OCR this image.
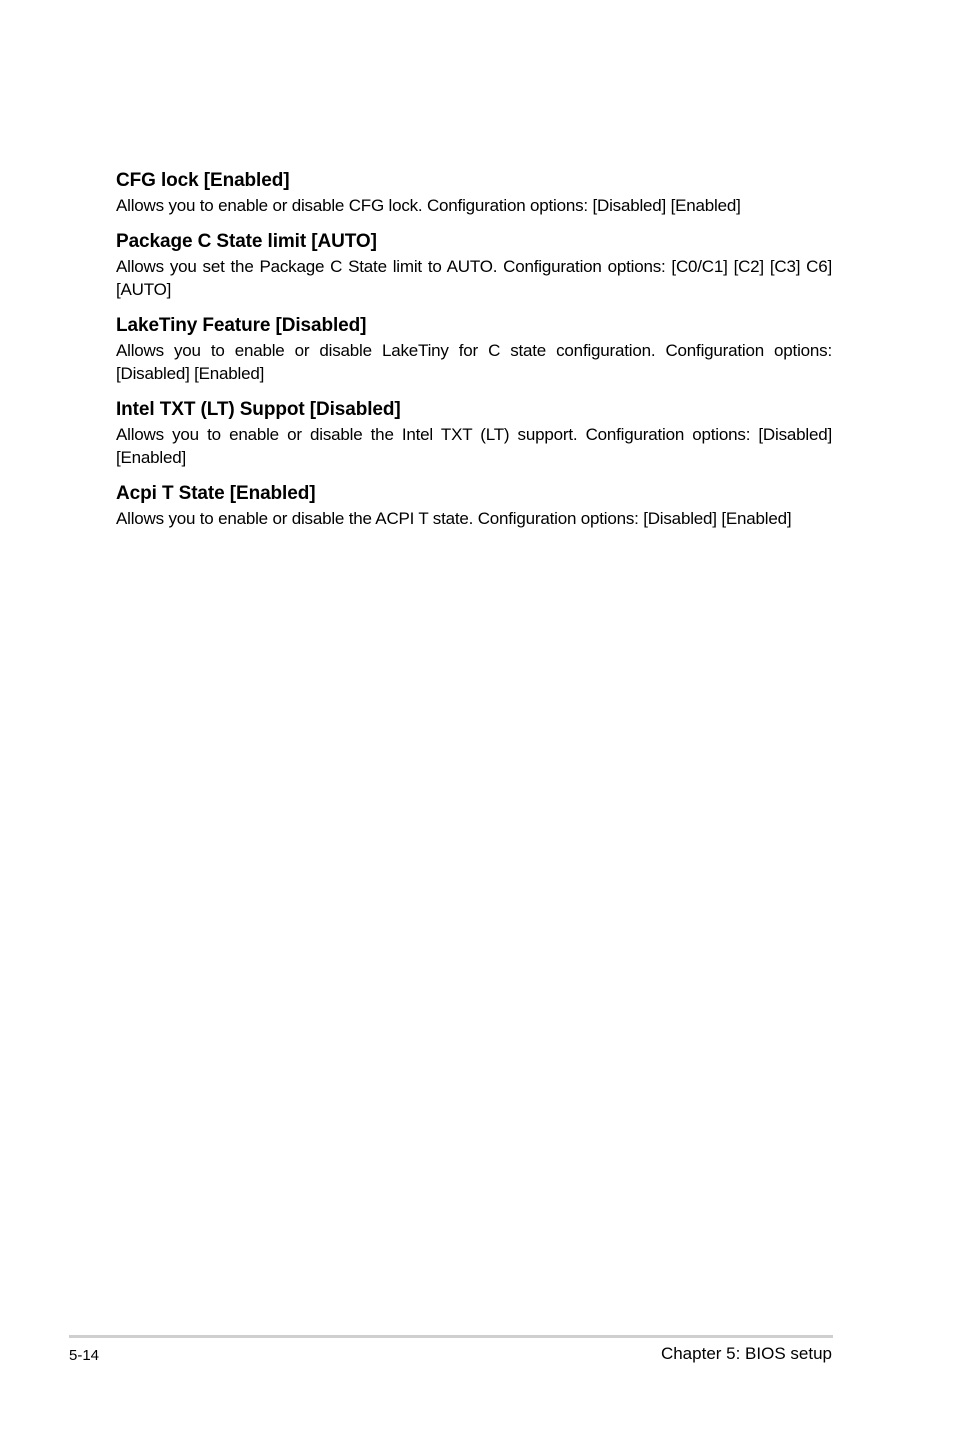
CFG lock [Enabled]

Allows you to enable or disable CFG lock. Configuration options: [Disabled] [Enabled]

Package C State limit [AUTO]

Allows you set the Package C State limit to AUTO. Configuration options: [C0/C1] [C2] [C3] C6] [AUTO]

LakeTiny Feature [Disabled]

Allows you to enable or disable LakeTiny for C state configuration. Configuration options: [Disabled] [Enabled]

Intel TXT (LT) Suppot [Disabled]

Allows you to enable or disable the Intel TXT (LT) support. Configuration options: [Disabled] [Enabled]

Acpi T State [Enabled]

Allows you to enable or disable the ACPI T state. Configuration options: [Disabled] [Enabled]

5-14	Chapter 5: BIOS setup
